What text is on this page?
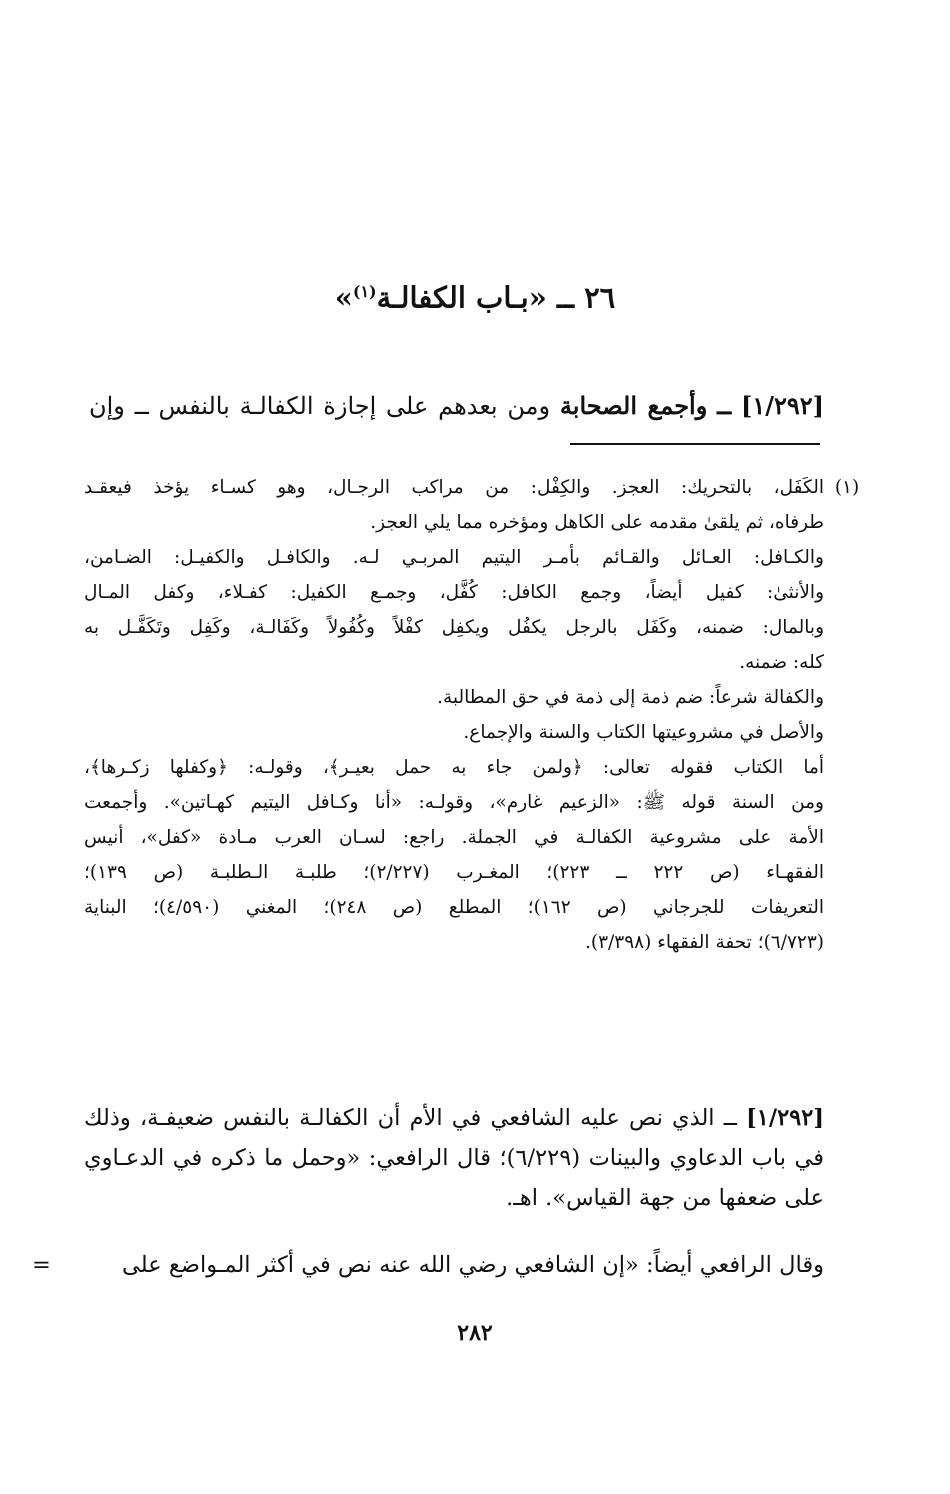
٢٦ ــ «بـاب الكفالـة$^{(١)}$»

[١/٢٩٢] ــ وأجمع الصحابة ومن بعدهم على إجازة الكفالـة بالنفس ــ وإن

(١)

الكَفَل، بالتحريك: العجز. والكِفْل: من مراكب الرجـال، وهو كسـاء يؤخذ فيعقـد

طرفاه، ثم يلقىٰ مقدمه على الكاهل ومؤخره مما يلي العجز.

والكـافل: العـائل والقـائم بأمـر اليتيم المربـي لـه. والكافـل والكفيـل: الضـامن،

والأنثىٰ: كفيل أيضاً، وجمع الكافل: كُفَّل، وجمـع الكفيل: كفـلاء، وكفل المـال

وبالمال: ضمنه، وكَفَل بالرجل يكفُل ويكفِل كفْلاً وكُفُولاً وكَفَالـة، وكَفِل وتَكَفَّـل به

كله: ضمنه.

والكفالة شرعاً: ضم ذمة إلى ذمة في حق المطالبة.

والأصل في مشروعيتها الكتاب والسنة والإجماع.

أما الكتاب فقوله تعالى: ﴿ولمن جاء به حمل بعيـر﴾، وقولـه: ﴿وكفلها زكـرها﴾،

ومن السنة قوله ﷺ: «الزعيم غارم»، وقولـه: «أنا وكـافل اليتيم كهـاتين». وأجمعت

الأمة على مشروعية الكفالـة في الجملة. راجع: لسـان العرب مـادة «كفل»، أنيس

الفقهـاء (ص ٢٢٢ ــ ٢٢٣)؛ المغـرب (٢/٢٢٧)؛ طلبـة الـطلبـة (ص ١٣٩)؛

التعريفات للجرجاني (ص ١٦٢)؛ المطلع (ص ٢٤٨)؛ المغني (٤/٥٩٠)؛ البناية

(٦/٧٢٣)؛ تحفة الفقهاء (٣/٣٩٨).

[١/٢٩٢] ــ الذي نص عليه الشافعي في الأم أن الكفالـة بالنفس ضعيفـة، وذلك

في باب الدعاوي والبينات (٦/٢٢٩)؛ قال الرافعي: «وحمل ما ذكره في الدعـاوي

على ضعفها من جهة القياس». اهـ.

وقال الرافعي أيضاً: «إن الشافعي رضي الله عنه نص في أكثر المـواضع على

=
٢٨٢
